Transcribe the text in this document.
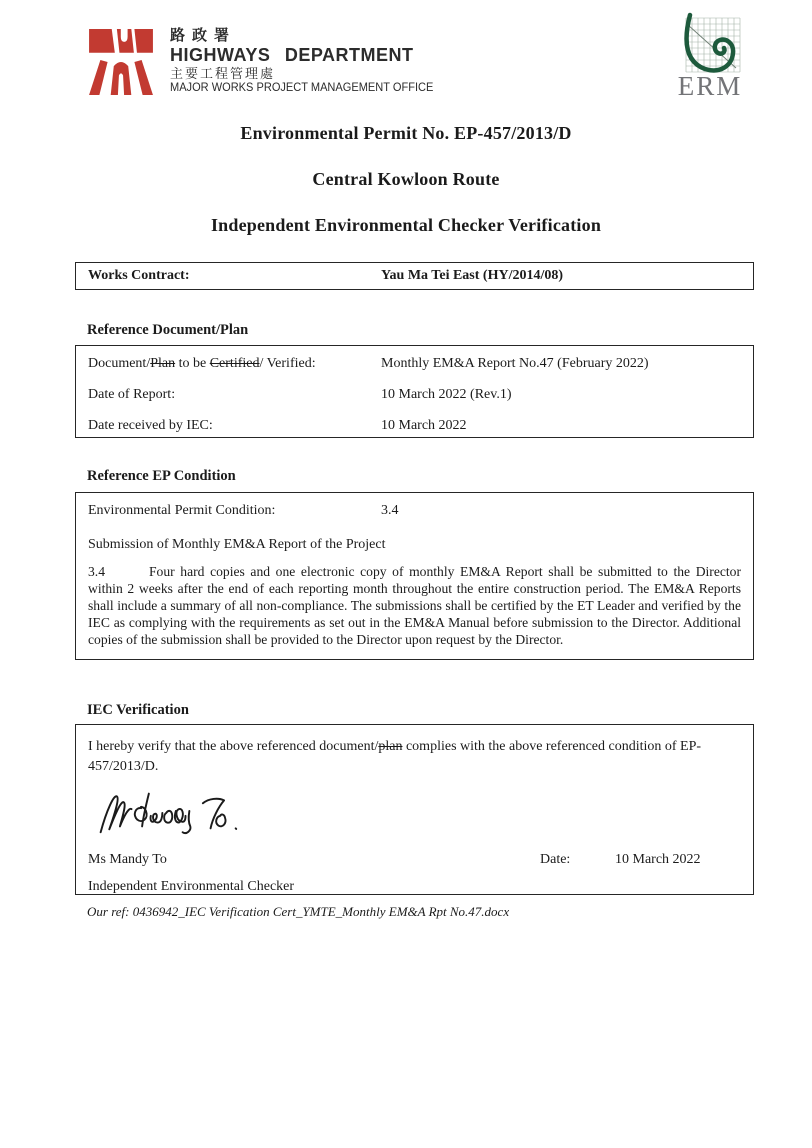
路政署
HIGHWAYS DEPARTMENT
主要工程管理處
MAJOR WORKS PROJECT MANAGEMENT OFFICE	ERM
Environmental Permit No. EP-457/2013/D
Central Kowloon Route
Independent Environmental Checker Verification
Works Contract:	Yau Ma Tei East (HY/2014/08)
Reference Document/Plan
Document/Plan to be Certified/ Verified:	Monthly EM&A Report No.47 (February 2022)
Date of Report:	10 March 2022 (Rev.1)
Date received by IEC:	10 March 2022
Reference EP Condition
Environmental Permit Condition:	3.4
Submission of Monthly EM&A Report of the Project

3.4	Four hard copies and one electronic copy of monthly EM&A Report shall be submitted to the Director within 2 weeks after the end of each reporting month throughout the entire construction period. The EM&A Reports shall include a summary of all non-compliance. The submissions shall be certified by the ET Leader and verified by the IEC as complying with the requirements as set out in the EM&A Manual before submission to the Director. Additional copies of the submission shall be provided to the Director upon request by the Director.

IEC Verification

I hereby verify that the above referenced document/plan complies with the above referenced condition of EP-457/2013/D.

Ms Mandy To	Date:	10 March 2022
Independent Environmental Checker
Our ref: 0436942_IEC Verification Cert_YMTE_Monthly EM&A Rpt No.47.docx
